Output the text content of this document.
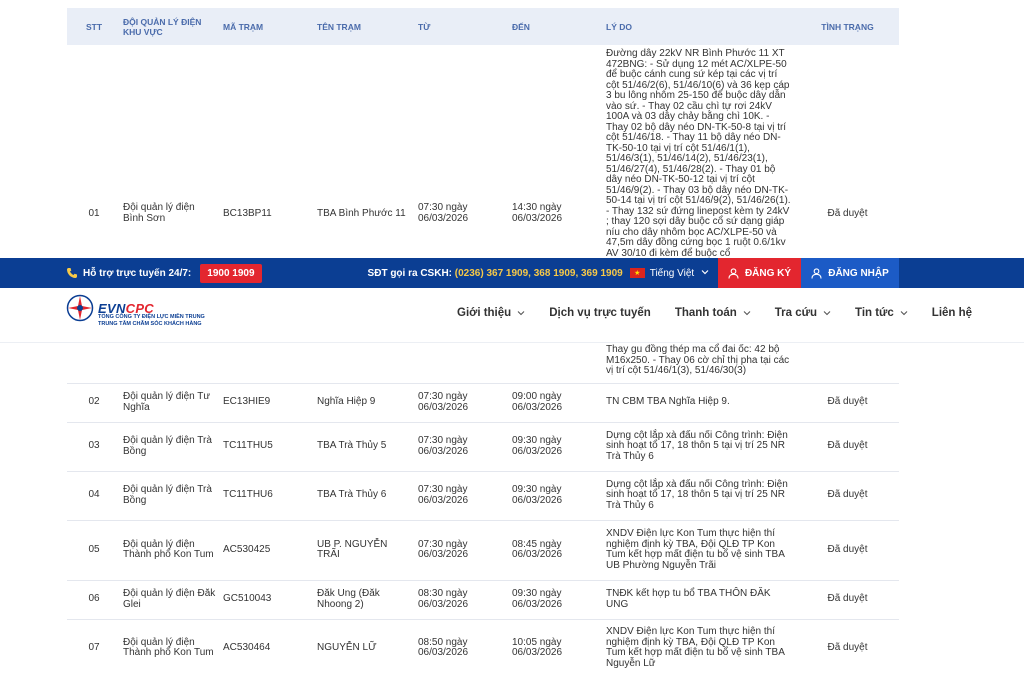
STT	ĐỘI QUẢN LÝ ĐIỆN KHU VỰC	MÃ TRẠM	TÊN TRẠM	TỪ	ĐẾN	LÝ DO	TÌNH TRẠNG
01	Đội quản lý điện Bình Sơn	BC13BP11	TBA Bình Phước 11	07:30 ngày 06/03/2026	14:30 ngày 06/03/2026	Đường dây 22kV NR Bình Phước 11 XT 472BNG: - Sử dụng 12 mét AC/XLPE-50 để buộc cánh cung sứ kép tại các vị trí cột 51/46/2(6), 51/46/10(6) và 36 kẹp cáp 3 bu lông nhôm 25-150 để buộc dây dẫn vào sứ. - Thay 02 cầu chì tự rơi 24kV 100A và 03 dây chảy bằng chì 10K. - Thay 02 bộ dây néo DN-TK-50-8 tại vị trí cột 51/46/18. - Thay 11 bộ dây néo DN-TK-50-10 tại vị trí cột 51/46/1(1), 51/46/3(1), 51/46/14(2), 51/46/23(1), 51/46/27(4), 51/46/28(2). - Thay 01 bộ dây néo DN-TK-50-12 tại vị trí cột 51/46/9(2). - Thay 03 bộ dây néo DN-TK-50-14 tại vị trí cột 51/46/9(2), 51/46/26(1). - Thay 132 sứ đứng linepost kèm ty 24kV ; thay 120 sợi dây buộc cổ sứ dạng giáp níu cho dây nhôm bọc AC/XLPE-50 và 47,5m dây đồng cứng bọc 1 ruột 0.6/1kv AV 30/10 đi kèm để buộc cổ
Thay gu đồng thép ma cổ đai ốc: 42 bộ M16x250. - Thay 06 cờ chỉ thị pha tại các vị trí cột 51/46/1(3), 51/46/30(3)	Đã duyệt
02	Đội quản lý điện Tư Nghĩa	EC13HIE9	Nghĩa Hiệp 9	07:30 ngày 06/03/2026	09:00 ngày 06/03/2026	TN CBM TBA Nghĩa Hiệp 9.	Đã duyệt
03	Đội quản lý điện Trà Bồng	TC11THU5	TBA Trà Thủy 5	07:30 ngày 06/03/2026	09:30 ngày 06/03/2026	Dựng cột lắp xà đấu nối Công trình: Điện sinh hoạt tổ 17, 18 thôn 5 tại vị trí 25 NR Trà Thủy 6	Đã duyệt
04	Đội quản lý điện Trà Bồng	TC11THU6	TBA Trà Thủy 6	07:30 ngày 06/03/2026	09:30 ngày 06/03/2026	Dựng cột lắp xà đấu nối Công trình: Điện sinh hoạt tổ 17, 18 thôn 5 tại vị trí 25 NR Trà Thủy 6	Đã duyệt
05	Đội quản lý điện Thành phố Kon Tum	AC530425	UB P. NGUYỄN TRÃI	07:30 ngày 06/03/2026	08:45 ngày 06/03/2026	XNDV Điện lực Kon Tum thực hiện thí nghiệm định kỳ TBA, Đội QLĐ TP Kon Tum kết hợp mất điện tu bổ vệ sinh TBA UB Phường Nguyễn Trãi	Đã duyệt
06	Đội quản lý điện Đăk Glei	GC510043	Đăk Ung (Đăk Nhoong 2)	08:30 ngày 06/03/2026	09:30 ngày 06/03/2026	TNĐK kết hợp tu bổ TBA THÔN ĐĂK UNG	Đã duyệt
07	Đội quản lý điện Thành phố Kon Tum	AC530464	NGUYỄN LỮ	08:50 ngày 06/03/2026	10:05 ngày 06/03/2026	XNDV Điện lực Kon Tum thực hiện thí nghiệm định kỳ TBA, Đội QLĐ TP Kon Tum kết hợp mất điện tu bổ vệ sinh TBA Nguyễn Lữ	Đã duyệt
Hỗ trợ trực tuyến 24/7:	1900 1909	SĐT gọi ra CSKH: (0236) 367 1909, 368 1909, 369 1909	★ Tiếng Việt	ĐĂNG KÝ	ĐĂNG NHẬP
EVNCPC
TỔNG CÔNG TY ĐIỆN LỰC MIỀN TRUNG
TRUNG TÂM CHĂM SÓC KHÁCH HÀNG
Giới thiệu	Dịch vụ trực tuyến Thanh toán	Tra cứu	Tin tức	Liên hệ
